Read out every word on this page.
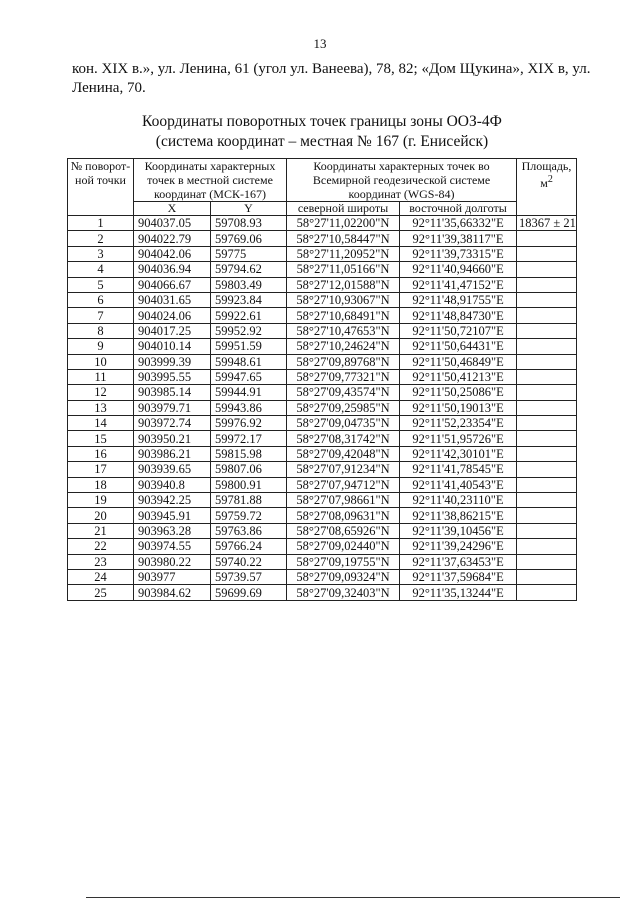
13
кон. XIX в.», ул. Ленина, 61 (угол ул. Ванеева), 78, 82; «Дом Щукина», XIX в, ул. Ленина, 70.
Координаты поворотных точек границы зоны ООЗ-4Ф
(система координат – местная № 167 (г. Енисейск)
№ поворот-ной точки	Координаты характерных точек в местной системе координат (МСК-167)		Координаты характерных точек во Всемирной геодезической системе координат (WGS-84)		Площадь, $м^2$
	X	Y	северной широты	восточной долготы	
1	904037.05	59708.93	58°27'11,02200"N	92°11'35,66332"E	18367 ± 21
2	904022.79	59769.06	58°27'10,58447"N	92°11'39,38117"E	
3	904042.06	59775	58°27'11,20952"N	92°11'39,73315"E	
4	904036.94	59794.62	58°27'11,05166"N	92°11'40,94660"E	
5	904066.67	59803.49	58°27'12,01588"N	92°11'41,47152"E	
6	904031.65	59923.84	58°27'10,93067"N	92°11'48,91755"E	
7	904024.06	59922.61	58°27'10,68491"N	92°11'48,84730"E	
8	904017.25	59952.92	58°27'10,47653"N	92°11'50,72107"E	
9	904010.14	59951.59	58°27'10,24624"N	92°11'50,64431"E	
10	903999.39	59948.61	58°27'09,89768"N	92°11'50,46849"E	
11	903995.55	59947.65	58°27'09,77321"N	92°11'50,41213"E	
12	903985.14	59944.91	58°27'09,43574"N	92°11'50,25086"E	
13	903979.71	59943.86	58°27'09,25985"N	92°11'50,19013"E	
14	903972.74	59976.92	58°27'09,04735"N	92°11'52,23354"E	
15	903950.21	59972.17	58°27'08,31742"N	92°11'51,95726"E	
16	903986.21	59815.98	58°27'09,42048"N	92°11'42,30101"E	
17	903939.65	59807.06	58°27'07,91234"N	92°11'41,78545"E	
18	903940.8	59800.91	58°27'07,94712"N	92°11'41,40543"E	
19	903942.25	59781.88	58°27'07,98661"N	92°11'40,23110"E	
20	903945.91	59759.72	58°27'08,09631"N	92°11'38,86215"E	
21	903963.28	59763.86	58°27'08,65926"N	92°11'39,10456"E	
22	903974.55	59766.24	58°27'09,02440"N	92°11'39,24296"E	
23	903980.22	59740.22	58°27'09,19755"N	92°11'37,63453"E	
24	903977	59739.57	58°27'09,09324"N	92°11'37,59684"E	
25	903984.62	59699.69	58°27'09,32403"N	92°11'35,13244"E	
